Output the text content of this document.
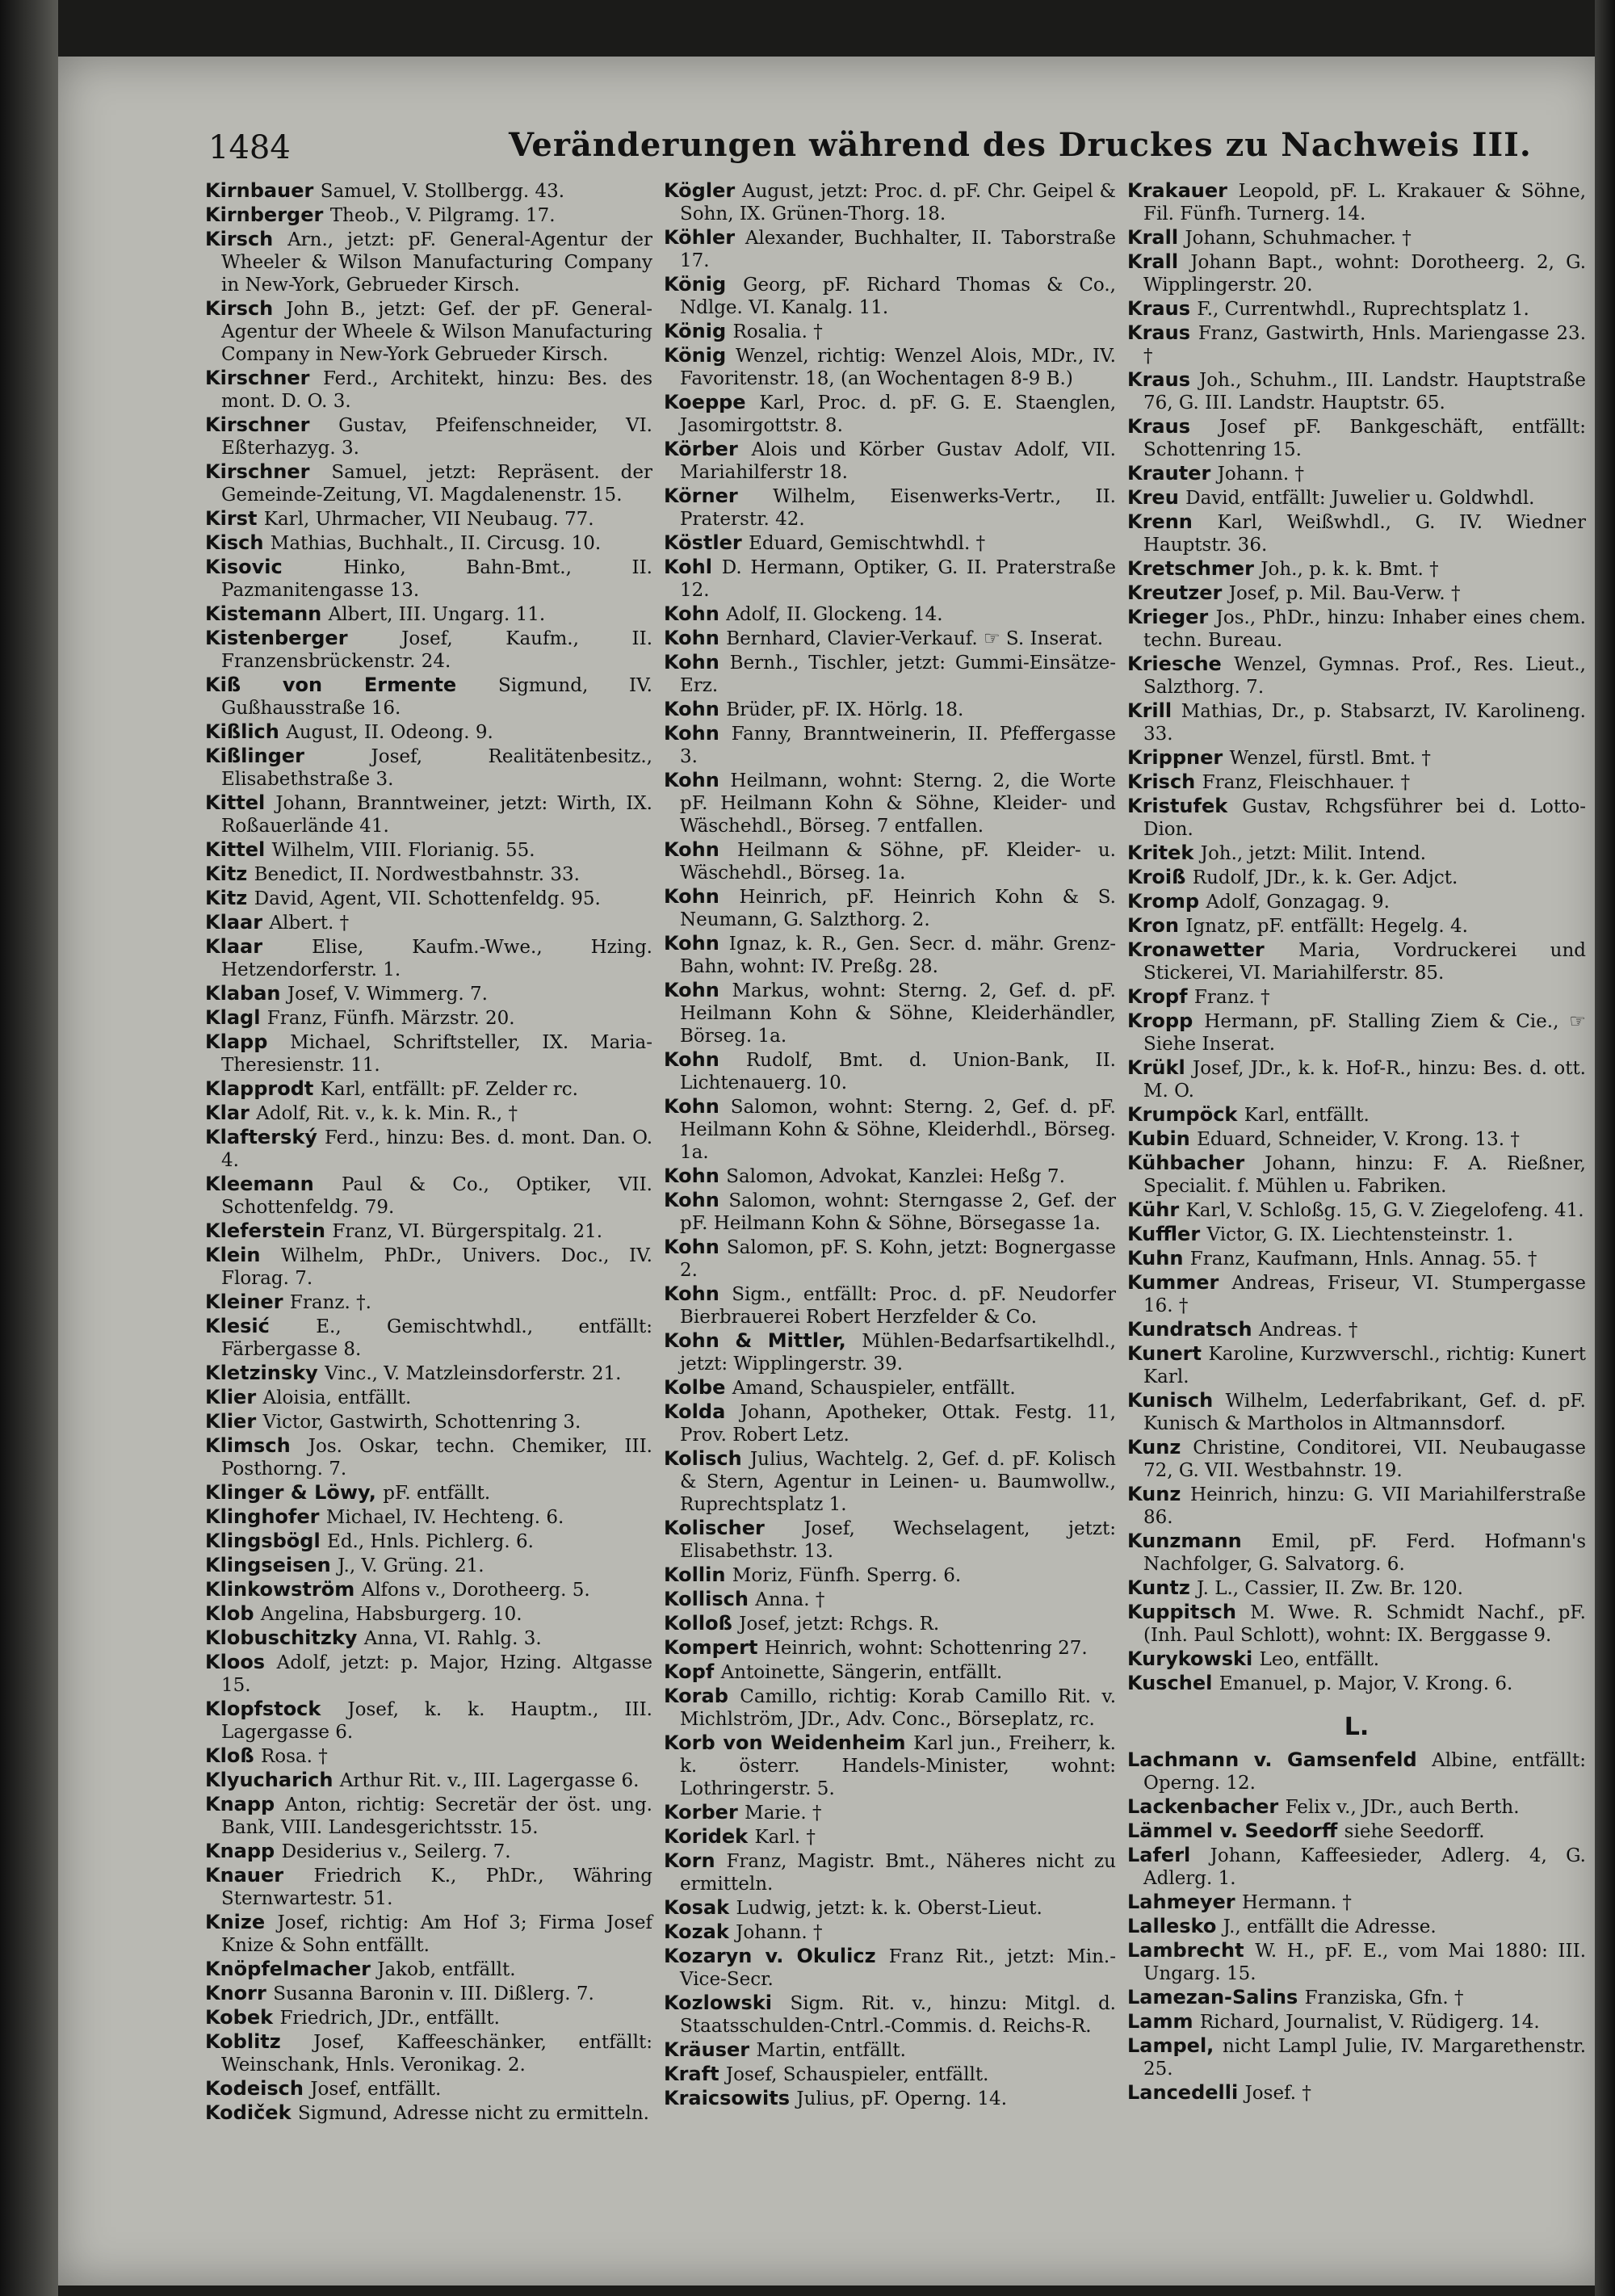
1484	Veränderungen während des Druckes zu Nachweis III.
Kirnbauer Samuel, V. Stollbergg. 43.
Kirnberger Theob., V. Pilgramg. 17.
Kirsch Arn., jetzt: pF. General-Agentur der Wheeler & Wilson Manufacturing Company in New-York, Gebrueder Kirsch.
Kirsch John B., jetzt: Gef. der pF. General-Agentur der Wheele & Wilson Manufacturing Company in New-York Gebrueder Kirsch.
Kirschner Ferd., Architekt, hinzu: Bes. des mont. D. O. 3.
Kirschner Gustav, Pfeifenschneider, VI. Eßterhazyg. 3.
Kirschner Samuel, jetzt: Repräsent. der Gemeinde-Zeitung, VI. Magdalenenstr. 15.
Kirst Karl, Uhrmacher, VII Neubaug. 77.
Kisch Mathias, Buchhalt., II. Circusg. 10.
Kisovic Hinko, Bahn-Bmt., II. Pazmanitengasse 13.
Kistemann Albert, III. Ungarg. 11.
Kistenberger Josef, Kaufm., II. Franzensbrückenstr. 24.
Kiß von Ermente Sigmund, IV. Gußhausstraße 16.
Kißlich August, II. Odeong. 9.
Kißlinger Josef, Realitätenbesitz., Elisabethstraße 3.
Kittel Johann, Branntweiner, jetzt: Wirth, IX. Roßauerlände 41.
Kittel Wilhelm, VIII. Florianig. 55.
Kitz Benedict, II. Nordwestbahnstr. 33.
Kitz David, Agent, VII. Schottenfeldg. 95.
Klaar Albert. †
Klaar Elise, Kaufm.-Wwe., Hzing. Hetzendorferstr. 1.
Klaban Josef, V. Wimmerg. 7.
Klagl Franz, Fünfh. Märzstr. 20.
Klapp Michael, Schriftsteller, IX. Maria-Theresienstr. 11.
Klapprodt Karl, entfällt: pF. Zelder rc.
Klar Adolf, Rit. v., k. k. Min. R., †
Klafterský Ferd., hinzu: Bes. d. mont. Dan. O. 4.
Kleemann Paul & Co., Optiker, VII. Schottenfeldg. 79.
Kleferstein Franz, VI. Bürgerspitalg. 21.
Klein Wilhelm, PhDr., Univers. Doc., IV. Florag. 7.
Kleiner Franz. †.
Klesić E., Gemischtwhdl., entfällt: Färbergasse 8.
Kletzinsky Vinc., V. Matzleinsdorferstr. 21.
Klier Aloisia, entfällt.
Klier Victor, Gastwirth, Schottenring 3.
Klimsch Jos. Oskar, techn. Chemiker, III. Posthorng. 7.
Klinger & Löwy, pF. entfällt.
Klinghofer Michael, IV. Hechteng. 6.
Klingsbögl Ed., Hnls. Pichlerg. 6.
Klingseisen J., V. Grüng. 21.
Klinkowström Alfons v., Dorotheerg. 5.
Klob Angelina, Habsburgerg. 10.
Klobuschitzky Anna, VI. Rahlg. 3.
Kloos Adolf, jetzt: p. Major, Hzing. Altgasse 15.
Klopfstock Josef, k. k. Hauptm., III. Lagergasse 6.
Kloß Rosa. †
Klyucharich Arthur Rit. v., III. Lagergasse 6.
Knapp Anton, richtig: Secretär der öst. ung. Bank, VIII. Landesgerichtsstr. 15.
Knapp Desiderius v., Seilerg. 7.
Knauer Friedrich K., PhDr., Währing Sternwartestr. 51.
Knize Josef, richtig: Am Hof 3; Firma Josef Knize & Sohn entfällt.
Knöpfelmacher Jakob, entfällt.
Knorr Susanna Baronin v. III. Dißlerg. 7.
Kobek Friedrich, JDr., entfällt.
Koblitz Josef, Kaffeeschänker, entfällt: Weinschank, Hnls. Veronikag. 2.
Kodeisch Josef, entfällt.
Kodiček Sigmund, Adresse nicht zu ermitteln.
Kögler August, jetzt: Proc. d. pF. Chr. Geipel & Sohn, IX. Grünen-Thorg. 18.
Köhler Alexander, Buchhalter, II. Taborstraße 17.
König Georg, pF. Richard Thomas & Co., Ndlge. VI. Kanalg. 11.
König Rosalia. †
König Wenzel, richtig: Wenzel Alois, MDr., IV. Favoritenstr. 18, (an Wochentagen 8-9 B.)
Koeppe Karl, Proc. d. pF. G. E. Staenglen, Jasomirgottstr. 8.
Körber Alois und Körber Gustav Adolf, VII. Mariahilferstr 18.
Körner Wilhelm, Eisenwerks-Vertr., II. Praterstr. 42.
Köstler Eduard, Gemischtwhdl. †
Kohl D. Hermann, Optiker, G. II. Praterstraße 12.
Kohn Adolf, II. Glockeng. 14.
Kohn Bernhard, Clavier-Verkauf. ☞ S. Inserat.
Kohn Bernh., Tischler, jetzt: Gummi-Einsätze-Erz.
Kohn Brüder, pF. IX. Hörlg. 18.
Kohn Fanny, Branntweinerin, II. Pfeffergasse 3.
Kohn Heilmann, wohnt: Sterng. 2, die Worte pF. Heilmann Kohn & Söhne, Kleider- und Wäschehdl., Börseg. 7 entfallen.
Kohn Heilmann & Söhne, pF. Kleider- u. Wäschehdl., Börseg. 1a.
Kohn Heinrich, pF. Heinrich Kohn & S. Neumann, G. Salzthorg. 2.
Kohn Ignaz, k. R., Gen. Secr. d. mähr. Grenz-Bahn, wohnt: IV. Preßg. 28.
Kohn Markus, wohnt: Sterng. 2, Gef. d. pF. Heilmann Kohn & Söhne, Kleiderhändler, Börseg. 1a.
Kohn Rudolf, Bmt. d. Union-Bank, II. Lichtenauerg. 10.
Kohn Salomon, wohnt: Sterng. 2, Gef. d. pF. Heilmann Kohn & Söhne, Kleiderhdl., Börseg. 1a.
Kohn Salomon, Advokat, Kanzlei: Heßg 7.
Kohn Salomon, wohnt: Sterngasse 2, Gef. der pF. Heilmann Kohn & Söhne, Börsegasse 1a.
Kohn Salomon, pF. S. Kohn, jetzt: Bognergasse 2.
Kohn Sigm., entfällt: Proc. d. pF. Neudorfer Bierbrauerei Robert Herzfelder & Co.
Kohn & Mittler, Mühlen-Bedarfsartikelhdl., jetzt: Wipplingerstr. 39.
Kolbe Amand, Schauspieler, entfällt.
Kolda Johann, Apotheker, Ottak. Festg. 11, Prov. Robert Letz.
Kolisch Julius, Wachtelg. 2, Gef. d. pF. Kolisch & Stern, Agentur in Leinen- u. Baumwollw., Ruprechtsplatz 1.
Kolischer Josef, Wechselagent, jetzt: Elisabethstr. 13.
Kollin Moriz, Fünfh. Sperrg. 6.
Kollisch Anna. †
Kolloß Josef, jetzt: Rchgs. R.
Kompert Heinrich, wohnt: Schottenring 27.
Kopf Antoinette, Sängerin, entfällt.
Korab Camillo, richtig: Korab Camillo Rit. v. Michlström, JDr., Adv. Conc., Börseplatz, rc.
Korb von Weidenheim Karl jun., Freiherr, k. k. österr. Handels-Minister, wohnt: Lothringerstr. 5.
Korber Marie. †
Koridek Karl. †
Korn Franz, Magistr. Bmt., Näheres nicht zu ermitteln.
Kosak Ludwig, jetzt: k. k. Oberst-Lieut.
Kozak Johann. †
Kozaryn v. Okulicz Franz Rit., jetzt: Min.-Vice-Secr.
Kozlowski Sigm. Rit. v., hinzu: Mitgl. d. Staatsschulden-Cntrl.-Commis. d. Reichs-R.
Kräuser Martin, entfällt.
Kraft Josef, Schauspieler, entfällt.
Kraicsowits Julius, pF. Operng. 14.
Krakauer Leopold, pF. L. Krakauer & Söhne, Fil. Fünfh. Turnerg. 14.
Krall Johann, Schuhmacher. †
Krall Johann Bapt., wohnt: Dorotheerg. 2, G. Wipplingerstr. 20.
Kraus F., Currentwhdl., Ruprechtsplatz 1.
Kraus Franz, Gastwirth, Hnls. Mariengasse 23. †
Kraus Joh., Schuhm., III. Landstr. Hauptstraße 76, G. III. Landstr. Hauptstr. 65.
Kraus Josef pF. Bankgeschäft, entfällt: Schottenring 15.
Krauter Johann. †
Kreu David, entfällt: Juwelier u. Goldwhdl.
Krenn Karl, Weißwhdl., G. IV. Wiedner Hauptstr. 36.
Kretschmer Joh., p. k. k. Bmt. †
Kreutzer Josef, p. Mil. Bau-Verw. †
Krieger Jos., PhDr., hinzu: Inhaber eines chem. techn. Bureau.
Kriesche Wenzel, Gymnas. Prof., Res. Lieut., Salzthorg. 7.
Krill Mathias, Dr., p. Stabsarzt, IV. Karolineng. 33.
Krippner Wenzel, fürstl. Bmt. †
Krisch Franz, Fleischhauer. †
Kristufek Gustav, Rchgsführer bei d. Lotto-Dion.
Kritek Joh., jetzt: Milit. Intend.
Kroiß Rudolf, JDr., k. k. Ger. Adjct.
Kromp Adolf, Gonzagag. 9.
Kron Ignatz, pF. entfällt: Hegelg. 4.
Kronawetter Maria, Vordruckerei und Stickerei, VI. Mariahilferstr. 85.
Kropf Franz. †
Kropp Hermann, pF. Stalling Ziem & Cie., ☞ Siehe Inserat.
Krükl Josef, JDr., k. k. Hof-R., hinzu: Bes. d. ott. M. O.
Krumpöck Karl, entfällt.
Kubin Eduard, Schneider, V. Krong. 13. †
Kühbacher Johann, hinzu: F. A. Rießner, Specialit. f. Mühlen u. Fabriken.
Kühr Karl, V. Schloßg. 15, G. V. Ziegelofeng. 41.
Kuffler Victor, G. IX. Liechtensteinstr. 1.
Kuhn Franz, Kaufmann, Hnls. Annag. 55. †
Kummer Andreas, Friseur, VI. Stumpergasse 16. †
Kundratsch Andreas. †
Kunert Karoline, Kurzwverschl., richtig: Kunert Karl.
Kunisch Wilhelm, Lederfabrikant, Gef. d. pF. Kunisch & Martholos in Altmannsdorf.
Kunz Christine, Conditorei, VII. Neubaugasse 72, G. VII. Westbahnstr. 19.
Kunz Heinrich, hinzu: G. VII Mariahilferstraße 86.
Kunzmann Emil, pF. Ferd. Hofmann's Nachfolger, G. Salvatorg. 6.
Kuntz J. L., Cassier, II. Zw. Br. 120.
Kuppitsch M. Wwe. R. Schmidt Nachf., pF. (Inh. Paul Schlott), wohnt: IX. Berggasse 9.
Kurykowski Leo, entfällt.
Kuschel Emanuel, p. Major, V. Krong. 6.
L.
Lachmann v. Gamsenfeld Albine, entfällt: Operng. 12.
Lackenbacher Felix v., JDr., auch Berth.
Lämmel v. Seedorff siehe Seedorff.
Laferl Johann, Kaffeesieder, Adlerg. 4, G. Adlerg. 1.
Lahmeyer Hermann. †
Lallesko J., entfällt die Adresse.
Lambrecht W. H., pF. E., vom Mai 1880: III. Ungarg. 15.
Lamezan-Salins Franziska, Gfn. †
Lamm Richard, Journalist, V. Rüdigerg. 14.
Lampel, nicht Lampl Julie, IV. Margarethenstr. 25.
Lancedelli Josef. †
